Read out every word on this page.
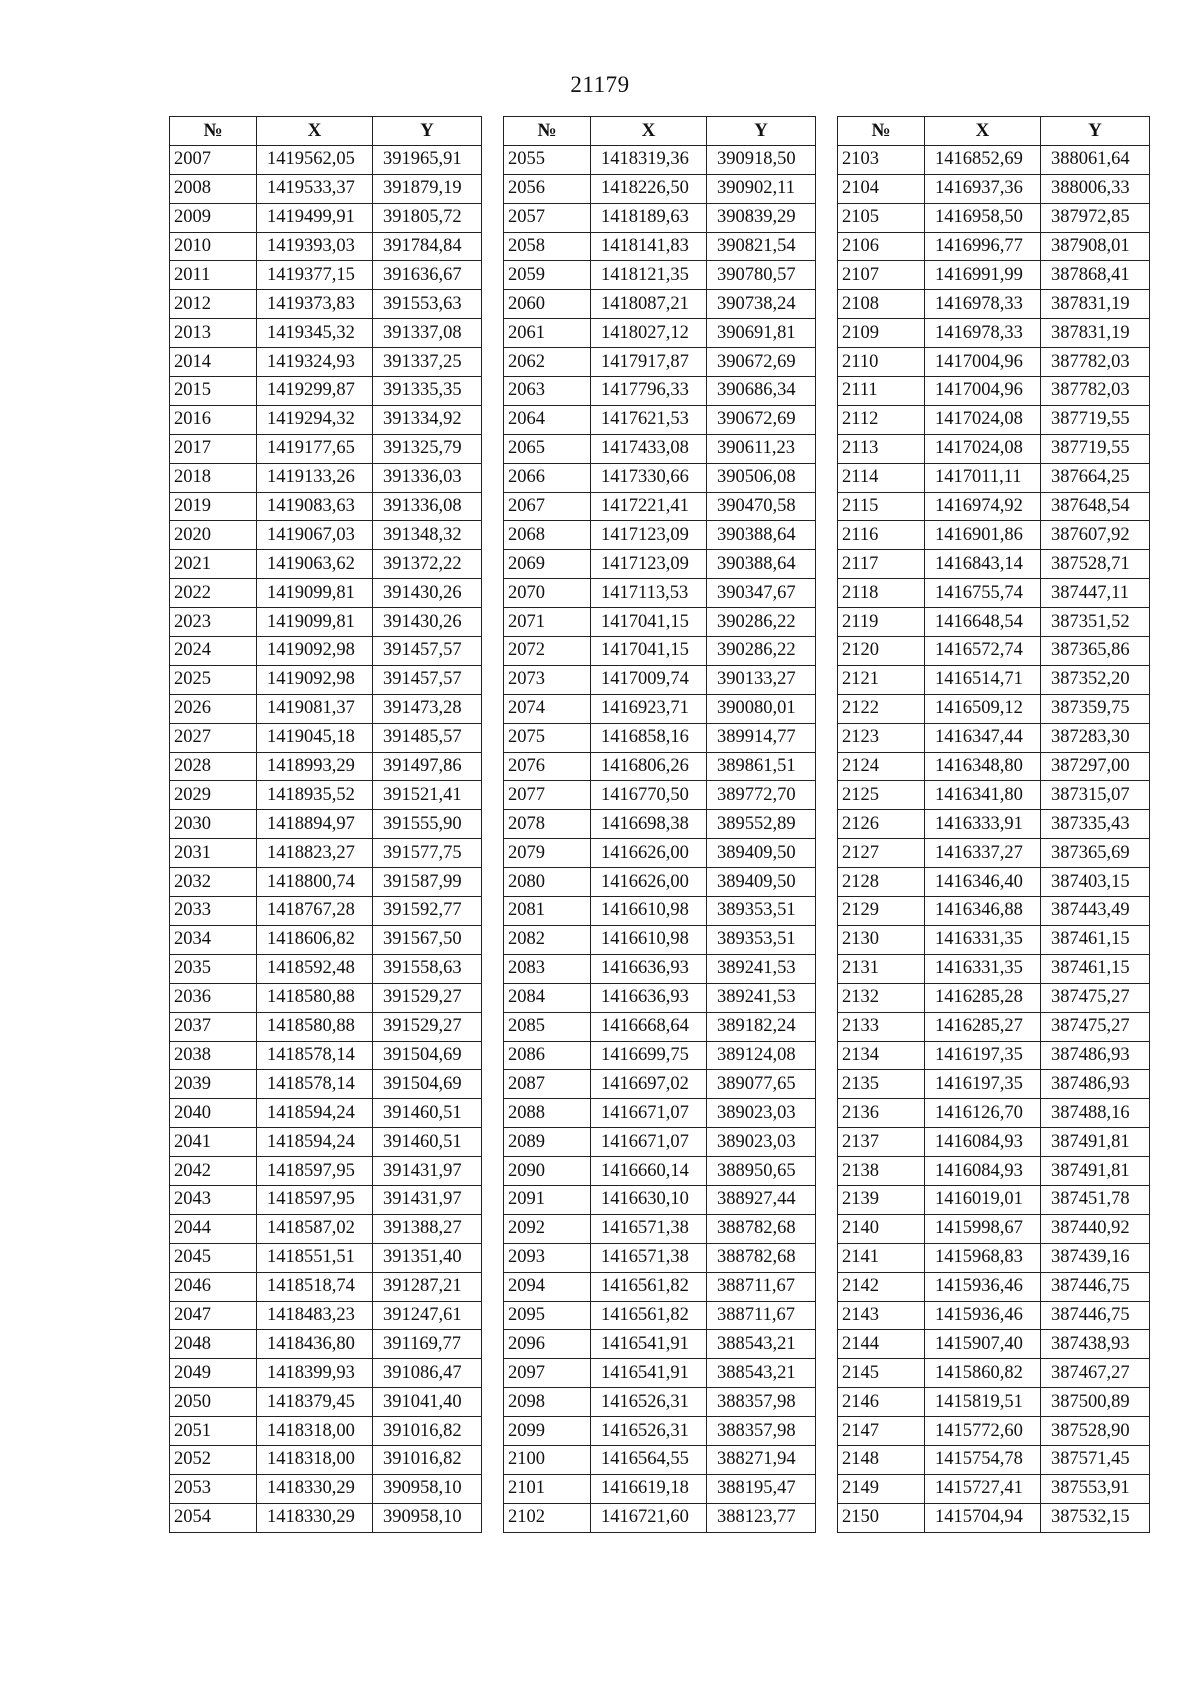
21179
№	X	Y
2007	1419562,05	391965,91
2008	1419533,37	391879,19
2009	1419499,91	391805,72
2010	1419393,03	391784,84
2011	1419377,15	391636,67
2012	1419373,83	391553,63
2013	1419345,32	391337,08
2014	1419324,93	391337,25
2015	1419299,87	391335,35
2016	1419294,32	391334,92
2017	1419177,65	391325,79
2018	1419133,26	391336,03
2019	1419083,63	391336,08
2020	1419067,03	391348,32
2021	1419063,62	391372,22
2022	1419099,81	391430,26
2023	1419099,81	391430,26
2024	1419092,98	391457,57
2025	1419092,98	391457,57
2026	1419081,37	391473,28
2027	1419045,18	391485,57
2028	1418993,29	391497,86
2029	1418935,52	391521,41
2030	1418894,97	391555,90
2031	1418823,27	391577,75
2032	1418800,74	391587,99
2033	1418767,28	391592,77
2034	1418606,82	391567,50
2035	1418592,48	391558,63
2036	1418580,88	391529,27
2037	1418580,88	391529,27
2038	1418578,14	391504,69
2039	1418578,14	391504,69
2040	1418594,24	391460,51
2041	1418594,24	391460,51
2042	1418597,95	391431,97
2043	1418597,95	391431,97
2044	1418587,02	391388,27
2045	1418551,51	391351,40
2046	1418518,74	391287,21
2047	1418483,23	391247,61
2048	1418436,80	391169,77
2049	1418399,93	391086,47
2050	1418379,45	391041,40
2051	1418318,00	391016,82
2052	1418318,00	391016,82
2053	1418330,29	390958,10
2054	1418330,29	390958,10
№	X	Y
2055	1418319,36	390918,50
2056	1418226,50	390902,11
2057	1418189,63	390839,29
2058	1418141,83	390821,54
2059	1418121,35	390780,57
2060	1418087,21	390738,24
2061	1418027,12	390691,81
2062	1417917,87	390672,69
2063	1417796,33	390686,34
2064	1417621,53	390672,69
2065	1417433,08	390611,23
2066	1417330,66	390506,08
2067	1417221,41	390470,58
2068	1417123,09	390388,64
2069	1417123,09	390388,64
2070	1417113,53	390347,67
2071	1417041,15	390286,22
2072	1417041,15	390286,22
2073	1417009,74	390133,27
2074	1416923,71	390080,01
2075	1416858,16	389914,77
2076	1416806,26	389861,51
2077	1416770,50	389772,70
2078	1416698,38	389552,89
2079	1416626,00	389409,50
2080	1416626,00	389409,50
2081	1416610,98	389353,51
2082	1416610,98	389353,51
2083	1416636,93	389241,53
2084	1416636,93	389241,53
2085	1416668,64	389182,24
2086	1416699,75	389124,08
2087	1416697,02	389077,65
2088	1416671,07	389023,03
2089	1416671,07	389023,03
2090	1416660,14	388950,65
2091	1416630,10	388927,44
2092	1416571,38	388782,68
2093	1416571,38	388782,68
2094	1416561,82	388711,67
2095	1416561,82	388711,67
2096	1416541,91	388543,21
2097	1416541,91	388543,21
2098	1416526,31	388357,98
2099	1416526,31	388357,98
2100	1416564,55	388271,94
2101	1416619,18	388195,47
2102	1416721,60	388123,77
№	X	Y
2103	1416852,69	388061,64
2104	1416937,36	388006,33
2105	1416958,50	387972,85
2106	1416996,77	387908,01
2107	1416991,99	387868,41
2108	1416978,33	387831,19
2109	1416978,33	387831,19
2110	1417004,96	387782,03
2111	1417004,96	387782,03
2112	1417024,08	387719,55
2113	1417024,08	387719,55
2114	1417011,11	387664,25
2115	1416974,92	387648,54
2116	1416901,86	387607,92
2117	1416843,14	387528,71
2118	1416755,74	387447,11
2119	1416648,54	387351,52
2120	1416572,74	387365,86
2121	1416514,71	387352,20
2122	1416509,12	387359,75
2123	1416347,44	387283,30
2124	1416348,80	387297,00
2125	1416341,80	387315,07
2126	1416333,91	387335,43
2127	1416337,27	387365,69
2128	1416346,40	387403,15
2129	1416346,88	387443,49
2130	1416331,35	387461,15
2131	1416331,35	387461,15
2132	1416285,28	387475,27
2133	1416285,27	387475,27
2134	1416197,35	387486,93
2135	1416197,35	387486,93
2136	1416126,70	387488,16
2137	1416084,93	387491,81
2138	1416084,93	387491,81
2139	1416019,01	387451,78
2140	1415998,67	387440,92
2141	1415968,83	387439,16
2142	1415936,46	387446,75
2143	1415936,46	387446,75
2144	1415907,40	387438,93
2145	1415860,82	387467,27
2146	1415819,51	387500,89
2147	1415772,60	387528,90
2148	1415754,78	387571,45
2149	1415727,41	387553,91
2150	1415704,94	387532,15
